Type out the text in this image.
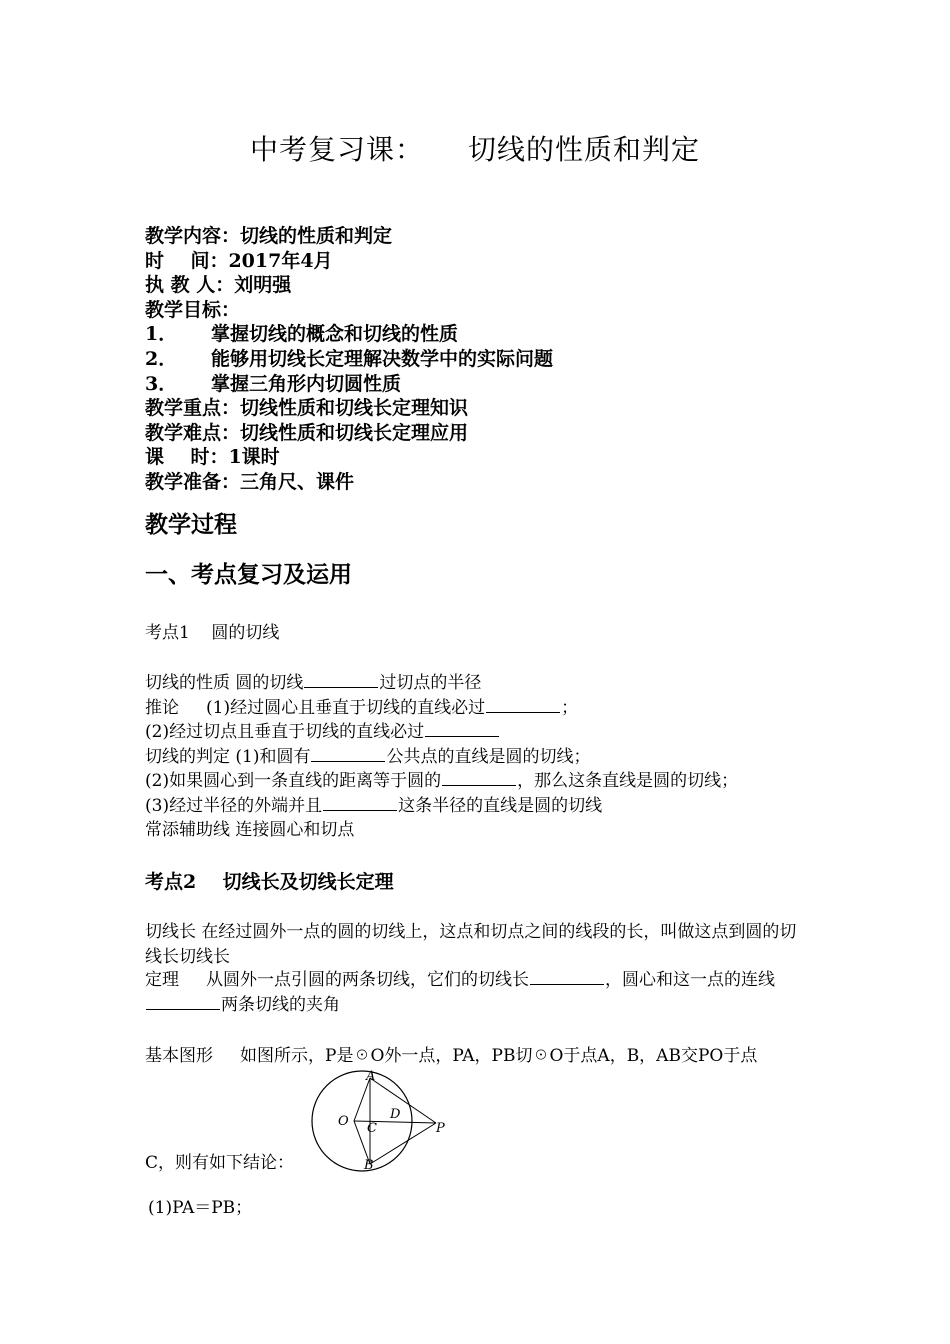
中考复习课： 切线的性质和判定
教学内容：切线的性质和判定
时    间：2017年4月
执 教 人：刘明强
教学目标：
1． 掌握切线的概念和切线的性质
2． 能够用切线长定理解决数学中的实际问题
3． 掌握三角形内切圆性质
教学重点：切线性质和切线长定理知识
教学难点：切线性质和切线长定理应用
课    时：1课时
教学准备：三角尺、课件
教学过程
一、考点复习及运用
考点1    圆的切线
切线的性质 圆的切线	过切点的半径
推论     (1)经过圆心且垂直于切线的直线必过	；
(2)经过切点且垂直于切线的直线必过
切线的判定 (1)和圆有	公共点的直线是圆的切线；
(2)如果圆心到一条直线的距离等于圆的	，那么这条直线是圆的切线；
(3)经过半径的外端并且	这条半径的直线是圆的切线
常添辅助线 连接圆心和切点
考点2    切线长及切线长定理
切线长 在经过圆外一点的圆的切线上，这点和切点之间的线段的长，叫做这点到圆的切线长切线长
定理     从圆外一点引圆的两条切线，它们的切线长	，圆心和这一点的连线两条切线的夹角
基本图形     如图所示，P是☉O外一点，PA，PB切☉O于点A，B，AB交PO于点
A
O C
D
P
B
C，则有如下结论：
(1)PA＝PB；
